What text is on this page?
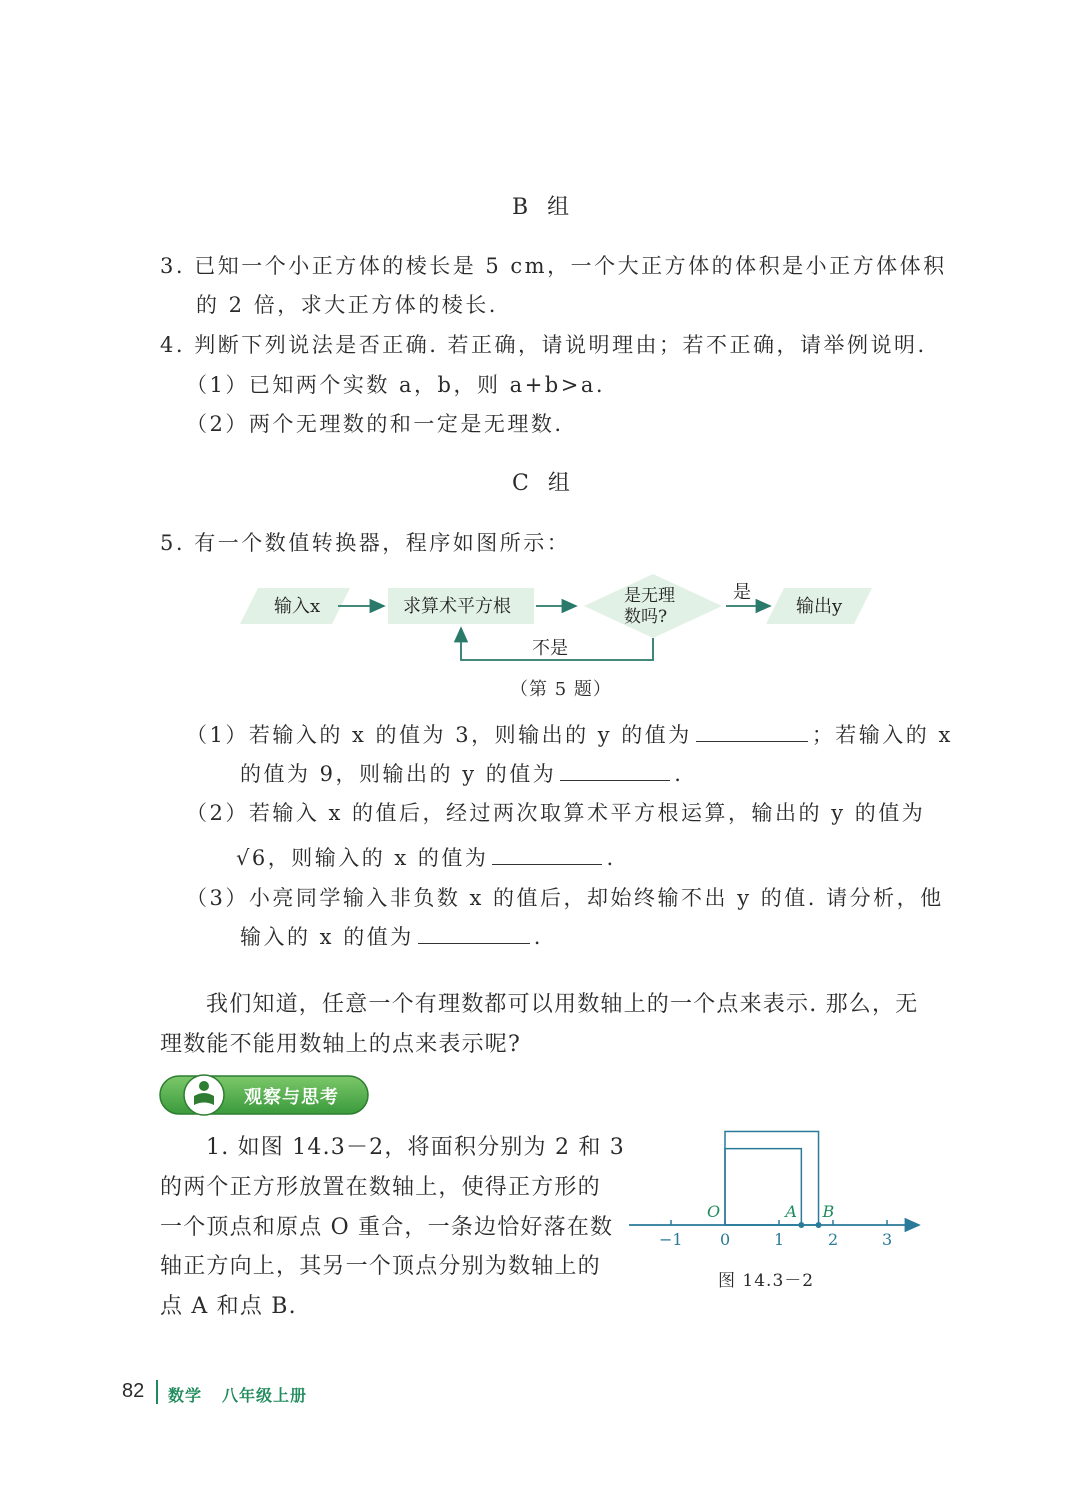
B 组
3. 已知一个小正方体的棱长是 5 cm，一个大正方体的体积是小正方体体积
的 2 倍，求大正方体的棱长.
4. 判断下列说法是否正确. 若正确，请说明理由；若不正确，请举例说明.
（1）已知两个实数 a，b，则 a+b>a.
（2）两个无理数的和一定是无理数.
C 组
5. 有一个数值转换器，程序如图所示：
输入x	求算术平方根	是无理
数吗?
是
输出y
不是
（第 5 题）
（1）若输入的 x 的值为 3，则输出的 y 的值为	；若输入的 x
的值为 9，则输出的 y 的值为	.
（2）若输入 x 的值后，经过两次取算术平方根运算，输出的 y 的值为
√6，则输入的 x 的值为	.
（3）小亮同学输入非负数 x 的值后，却始终输不出 y 的值. 请分析，他
输入的 x 的值为	.
我们知道，任意一个有理数都可以用数轴上的一个点来表示. 那么，无
理数能不能用数轴上的点来表示呢?
观察与思考
1. 如图 14.3－2，将面积分别为 2 和 3
的两个正方形放置在数轴上，使得正方形的
一个顶点和原点 O 重合，一条边恰好落在数
轴正方向上，其另一个顶点分别为数轴上的
点 A 和点 B.
−1 0	1	2	3
O	A B
图 14.3－2
82 数学 八年级上册
